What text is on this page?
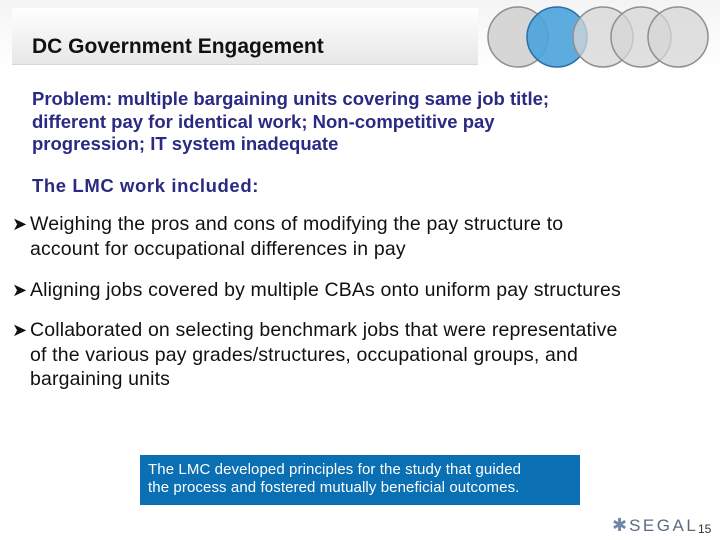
DC Government Engagement
Problem: multiple bargaining units covering same job title;
different pay for identical work; Non-competitive pay
progression; IT system inadequate
The LMC work included:
➤ Weighing the pros and cons of modifying the pay structure to
account for occupational differences in pay
➤ Aligning jobs covered by multiple CBAs onto uniform pay structures
➤ Collaborated on selecting benchmark jobs that were representative
of the various pay grades/structures, occupational groups, and
bargaining units
The LMC developed principles for the study that guided
the process and fostered mutually beneficial outcomes.
✱ SEGAL 15
